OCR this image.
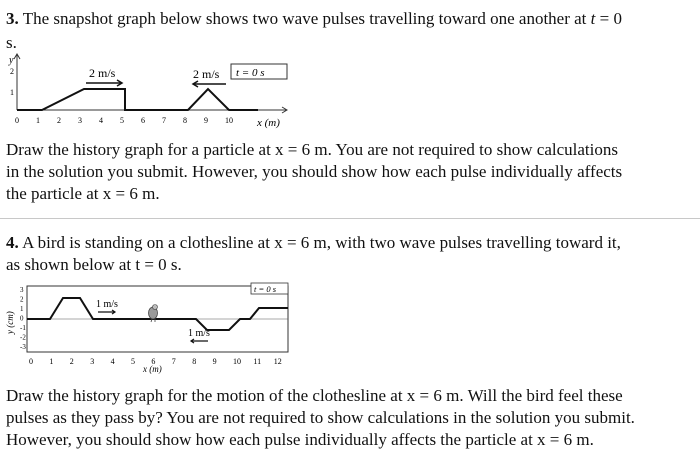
3. The snapshot graph below shows two wave pulses travelling toward one another at t = 0

s.

y
2
1
0 1 2 3 4 5 6 7 8 9 10 x (m)
2 m/s	2 m/s t = 0 s

Draw the history graph for a particle at x = 6 m. You are not required to show calculations

in the solution you submit. However, you should show how each pulse individually affects

the particle at x = 6 m.

4. A bird is standing on a clothesline at x = 6 m, with two wave pulses travelling toward it,

as shown below at t = 0 s.

y (cm)
3
2
1
0
-1
-2
-3
0 1 2 3 4 5 6 7 8 9 10 11 12
x (m)
1 m/s
1 m/s
t = 0 s

Draw the history graph for the motion of the clothesline at x = 6 m. Will the bird feel these

pulses as they pass by? You are not required to show calculations in the solution you submit.

However, you should show how each pulse individually affects the particle at x = 6 m.
